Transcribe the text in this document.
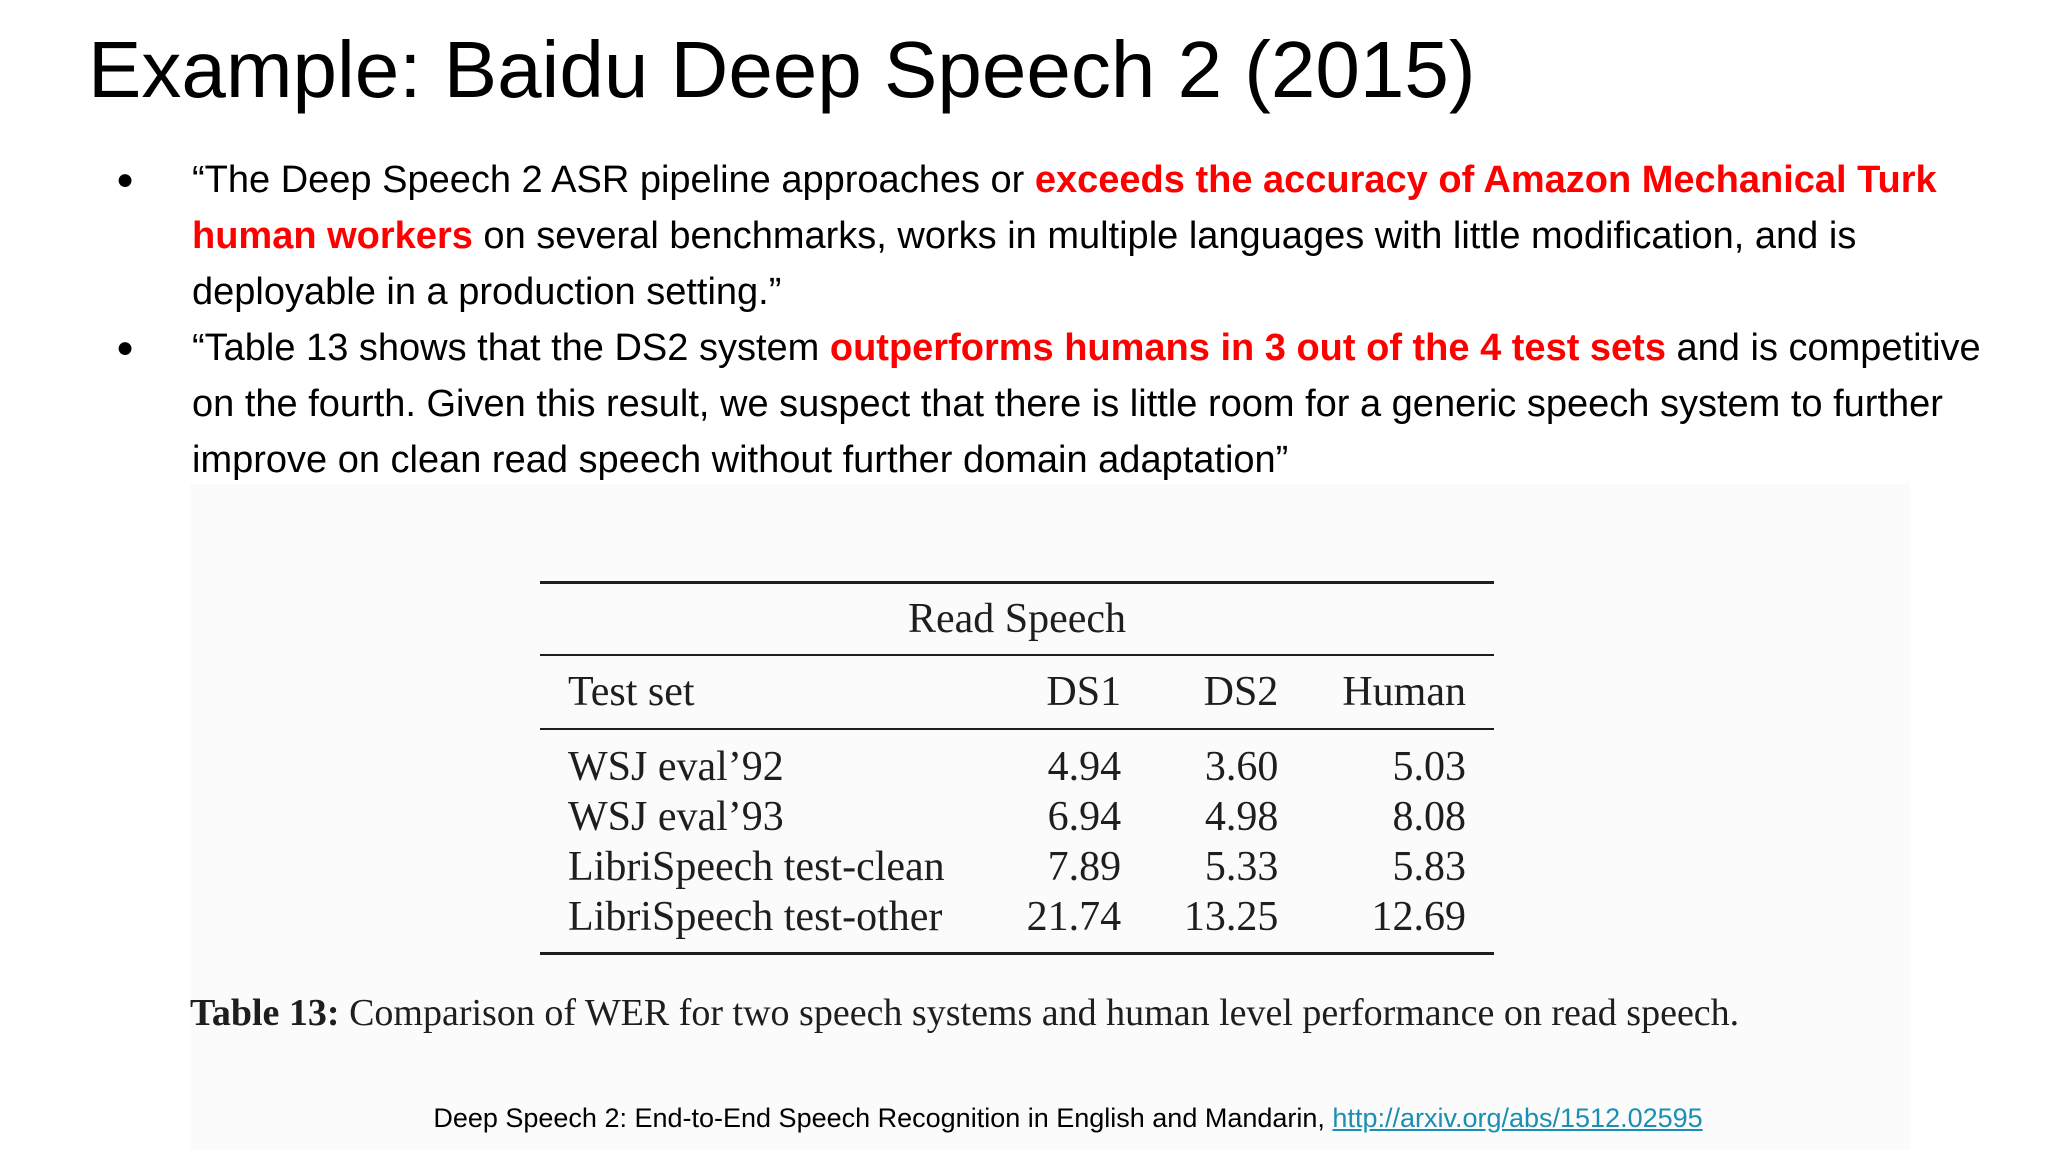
Example: Baidu Deep Speech 2 (2015)
● “The Deep Speech 2 ASR pipeline approaches or exceeds the accuracy of Amazon Mechanical Turk human workers on several benchmarks, works in multiple languages with little modification, and is deployable in a production setting.”
● “Table 13 shows that the DS2 system outperforms humans in 3 out of the 4 test sets and is competitive on the fourth. Given this result, we suspect that there is little room for a generic speech system to further improve on clean read speech without further domain adaptation”
Read Speech			
Test set	DS1	DS2	Human
WSJ eval’92	4.94	3.60	5.03
WSJ eval’93	6.94	4.98	8.08
LibriSpeech test-clean	7.89	5.33	5.83
LibriSpeech test-other	21.74	13.25	12.69
Table 13: Comparison of WER for two speech systems and human level performance on read speech.
Deep Speech 2: End-to-End Speech Recognition in English and Mandarin, http://arxiv.org/abs/1512.02595
